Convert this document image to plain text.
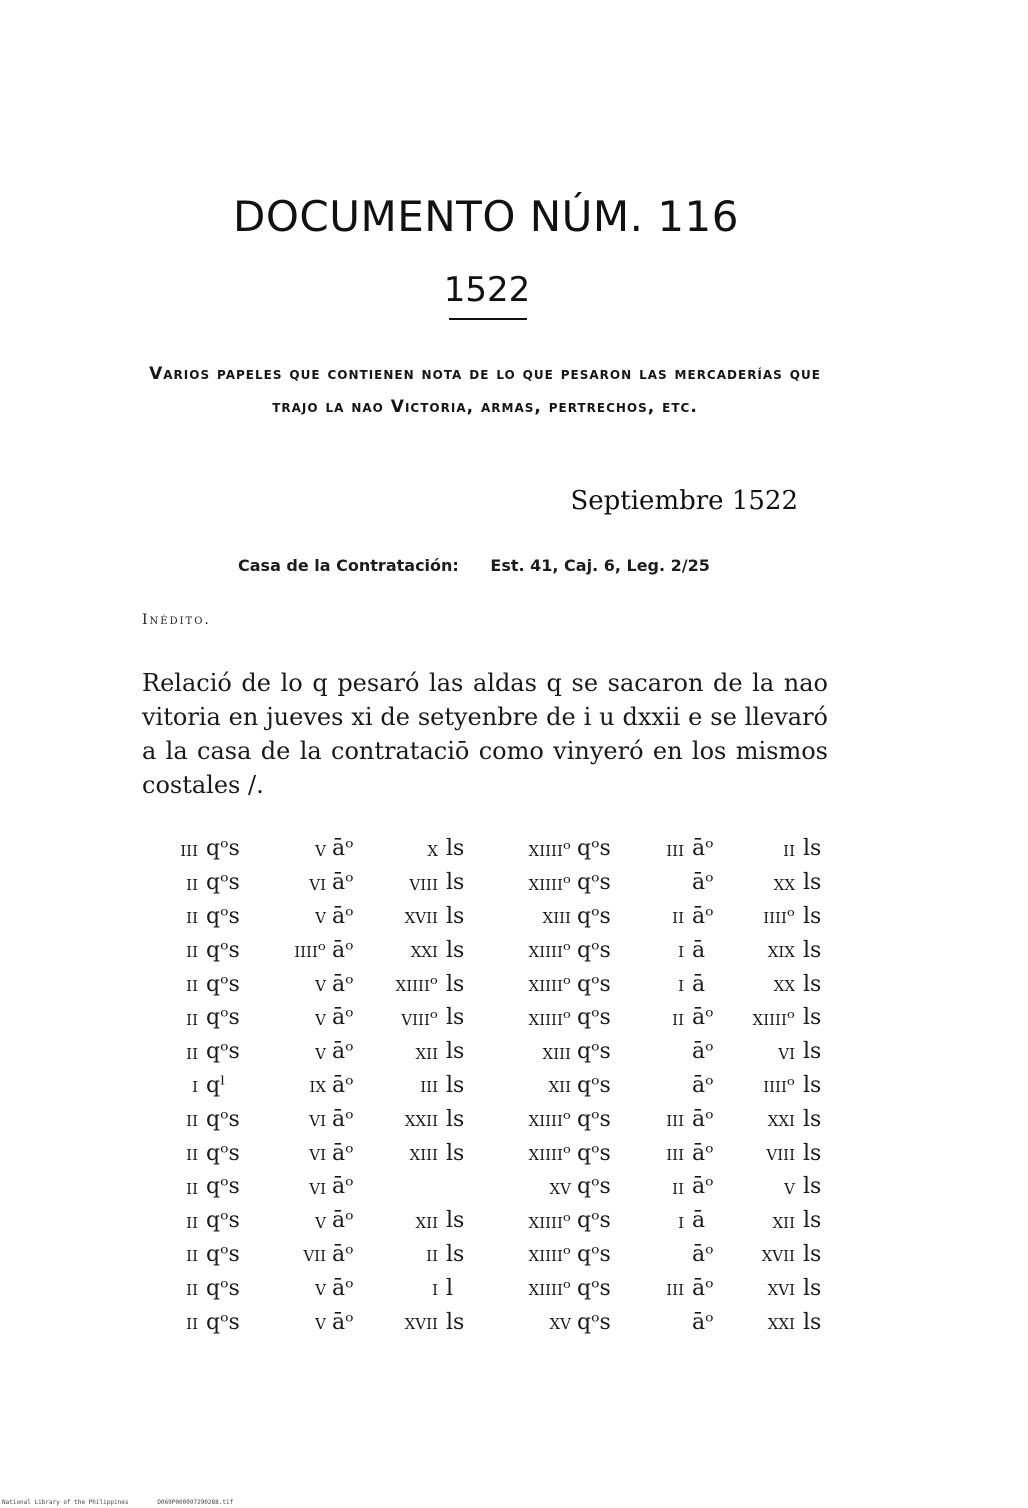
DOCUMENTO NÚM. 116
1522
Varios papeles que contienen nota de lo que pesaron las mercaderías que trajo la nao Victoria, armas, pertrechos, etc.
Septiembre 1522
Casa de la Contratación: Est. 41, Caj. 6, Leg. 2/25
Inédito.
Relació de lo q pesaró las aldas q se sacaron de la nao vitoria en jueves xi de setyenbre de i u dxxii e se llevaró a la casa de la contrataciō como vinyeró en los mismos costales /.
iii	qᵒs	v	āᵒ	x	ls	xiiiiᵒ	qᵒs	iii	āᵒ	ii	ls
ii	qᵒs	vi	āᵒ	viii	ls	xiiiiᵒ	qᵒs		āᵒ	xx	ls
ii	qᵒs	v	āᵒ	xvii	ls	xiii	qᵒs	ii	āᵒ	iiiiᵒ	ls
ii	qᵒs	iiiiᵒ	āᵒ	xxi	ls	xiiiiᵒ	qᵒs	i	ā	xix	ls
ii	qᵒs	v	āᵒ	xiiiiᵒ	ls	xiiiiᵒ	qᵒs	i	ā	xx	ls
ii	qᵒs	v	āᵒ	viiiᵒ	ls	xiiiiᵒ	qᵒs	ii	āᵒ	xiiiiᵒ	ls
ii	qᵒs	v	āᵒ	xii	ls	xiii	qᵒs		āᵒ	vi	ls
i	qˡ	ix	āᵒ	iii	ls	xii	qᵒs		āᵒ	iiiiᵒ	ls
ii	qᵒs	vi	āᵒ	xxii	ls	xiiiiᵒ	qᵒs	iii	āᵒ	xxi	ls
ii	qᵒs	vi	āᵒ	xiii	ls	xiiiiᵒ	qᵒs	iii	āᵒ	viii	ls
ii	qᵒs	vi	āᵒ			xv	qᵒs	ii	āᵒ	v	ls
ii	qᵒs	v	āᵒ	xii	ls	xiiiiᵒ	qᵒs	i	ā	xii	ls
ii	qᵒs	vii	āᵒ	ii	ls	xiiiiᵒ	qᵒs		āᵒ	xvii	ls
ii	qᵒs	v	āᵒ	i	l	xiiiiᵒ	qᵒs	iii	āᵒ	xvi	ls
ii	qᵒs	v	āᵒ	xvii	ls	xv	qᵒs		āᵒ	xxi	ls
National Library of the Philippines	D069P000097290288.tif
